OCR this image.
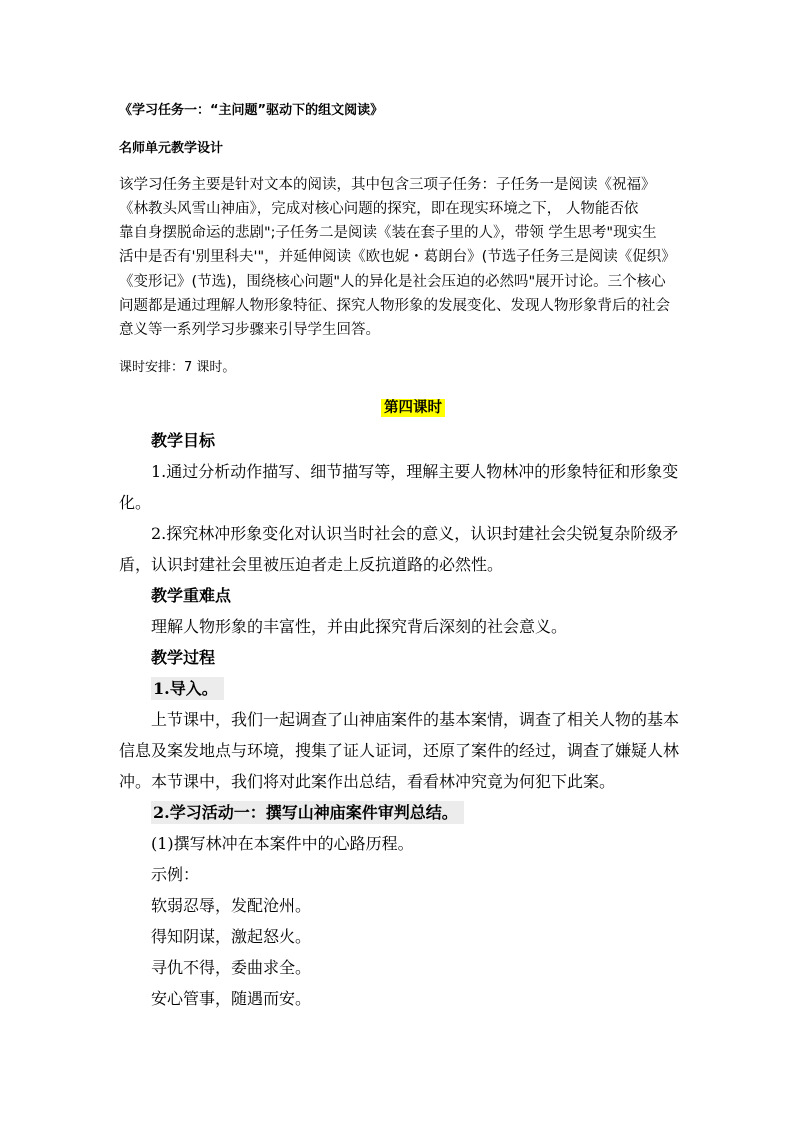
《学习任务一：“主问题”驱动下的组文阅读》
名师单元教学设计
该学习任务主要是针对文本的阅读，其中包含三项子任务：子任务一是阅读《祝福》
《林教头风雪山神庙》，完成对核心问题的探究，即在现实环境之下， 人物能否依
靠自身摆脱命运的悲剧";子任务二是阅读《装在套子里的人》，带领 学生思考"现实生
活中是否有'别里科夫'"，并延伸阅读《欧也妮・葛朗台》(节选子任务三是阅读《促织》
《变形记》(节选)，围绕核心问题"人的异化是社会压迫的必然吗"展开讨论。三个核心
问题都是通过理解人物形象特征、探究人物形象的发展变化、发现人物形象背后的社会
意义等一系列学习步骤来引导学生回答。
课时安排：7 课时。
第四课时
教学目标
1.通过分析动作描写、细节描写等，理解主要人物林冲的形象特征和形象变
化。
2.探究林冲形象变化对认识当时社会的意义，认识封建社会尖锐复杂阶级矛
盾，认识封建社会里被压迫者走上反抗道路的必然性。
教学重难点
理解人物形象的丰富性，并由此探究背后深刻的社会意义。
教学过程
1.导入。
上节课中，我们一起调查了山神庙案件的基本案情，调查了相关人物的基本
信息及案发地点与环境，搜集了证人证词，还原了案件的经过，调查了嫌疑人林
冲。本节课中，我们将对此案作出总结，看看林冲究竟为何犯下此案。
2.学习活动一：撰写山神庙案件审判总结。
(1)撰写林冲在本案件中的心路历程。
示例：
软弱忍辱，发配沧州。
得知阴谋，激起怒火。
寻仇不得，委曲求全。
安心管事，随遇而安。
